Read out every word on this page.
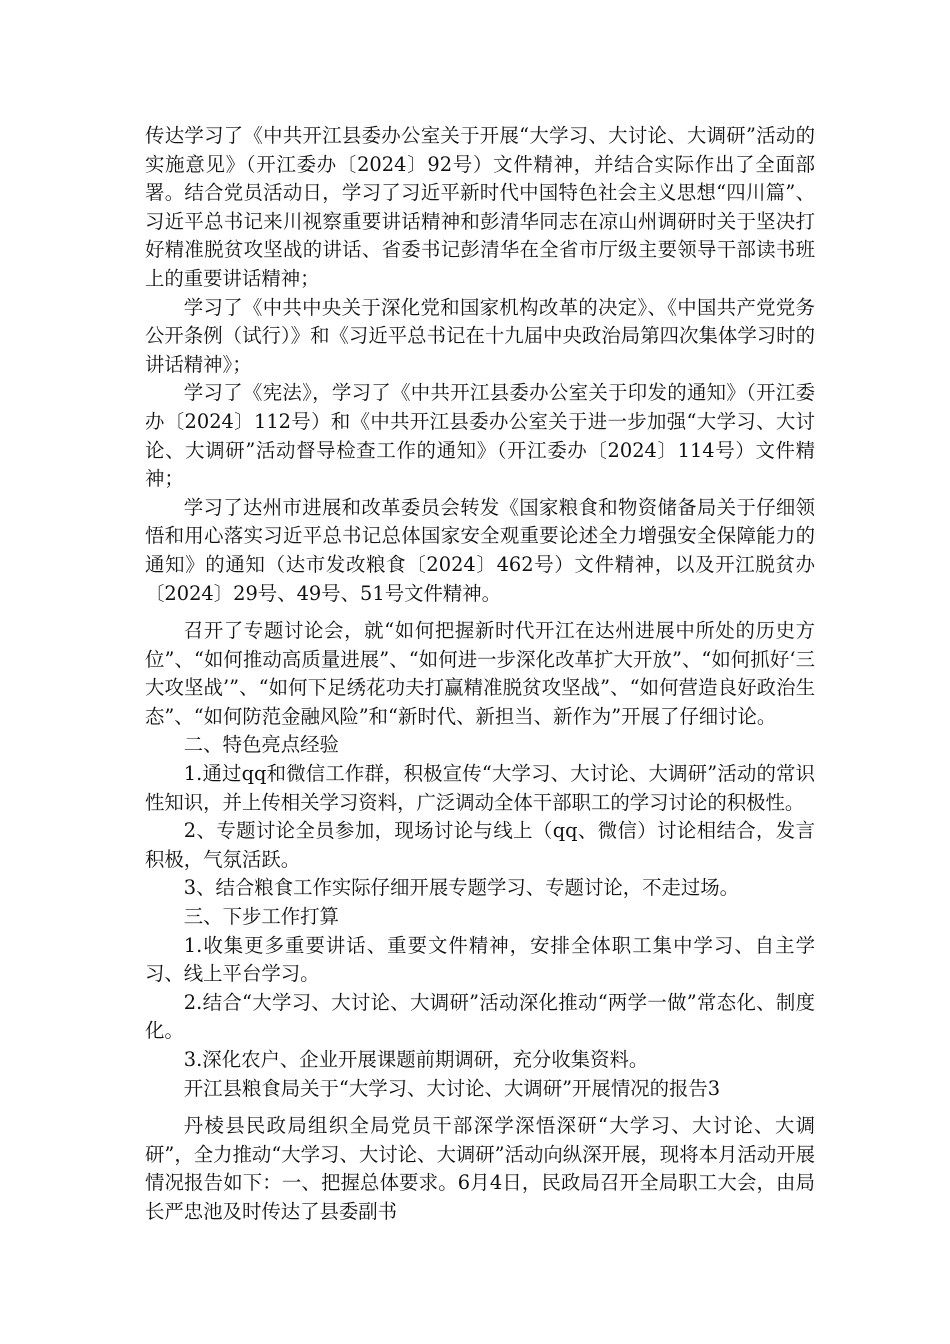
传达学习了《中共开江县委办公室关于开展“大学习、大讨论、大调研”活动的实施意见》（开江委办〔2024〕92号）文件精神，并结合实际作出了全面部署。结合党员活动日，学习了习近平新时代中国特色社会主义思想“四川篇”、习近平总书记来川视察重要讲话精神和彭清华同志在凉山州调研时关于坚决打好精准脱贫攻坚战的讲话、省委书记彭清华在全省市厅级主要领导干部读书班上的重要讲话精神；

学习了《中共中央关于深化党和国家机构改革的决定》、《中国共产党党务公开条例（试行）》和《习近平总书记在十九届中央政治局第四次集体学习时的讲话精神》；

学习了《宪法》，学习了《中共开江县委办公室关于印发的通知》（开江委办〔2024〕112号）和《中共开江县委办公室关于进一步加强“大学习、大讨论、大调研”活动督导检查工作的通知》（开江委办〔2024〕114号）文件精神；

学习了达州市进展和改革委员会转发《国家粮食和物资储备局关于仔细领悟和用心落实习近平总书记总体国家安全观重要论述全力增强安全保障能力的通知》的通知（达市发改粮食〔2024〕462号）文件精神，以及开江脱贫办〔2024〕29号、49号、51号文件精神。

召开了专题讨论会，就“如何把握新时代开江在达州进展中所处的历史方位”、“如何推动高质量进展”、“如何进一步深化改革扩大开放”、“如何抓好‘三大攻坚战’”、“如何下足绣花功夫打赢精准脱贫攻坚战”、“如何营造良好政治生态”、“如何防范金融风险”和“新时代、新担当、新作为”开展了仔细讨论。

二、特色亮点经验

1.通过qq和微信工作群，积极宣传“大学习、大讨论、大调研”活动的常识性知识，并上传相关学习资料，广泛调动全体干部职工的学习讨论的积极性。

2、专题讨论全员参加，现场讨论与线上（qq、微信）讨论相结合，发言积极，气氛活跃。

3、结合粮食工作实际仔细开展专题学习、专题讨论，不走过场。

三、下步工作打算

1.收集更多重要讲话、重要文件精神，安排全体职工集中学习、自主学习、线上平台学习。

2.结合“大学习、大讨论、大调研”活动深化推动“两学一做”常态化、制度化。

3.深化农户、企业开展课题前期调研，充分收集资料。

开江县粮食局关于“大学习、大讨论、大调研”开展情况的报告3

丹棱县民政局组织全局党员干部深学深悟深研“大学习、大讨论、大调研”，全力推动“大学习、大讨论、大调研”活动向纵深开展，现将本月活动开展情况报告如下：一、把握总体要求。6月4日，民政局召开全局职工大会，由局长严忠池及时传达了县委副书
